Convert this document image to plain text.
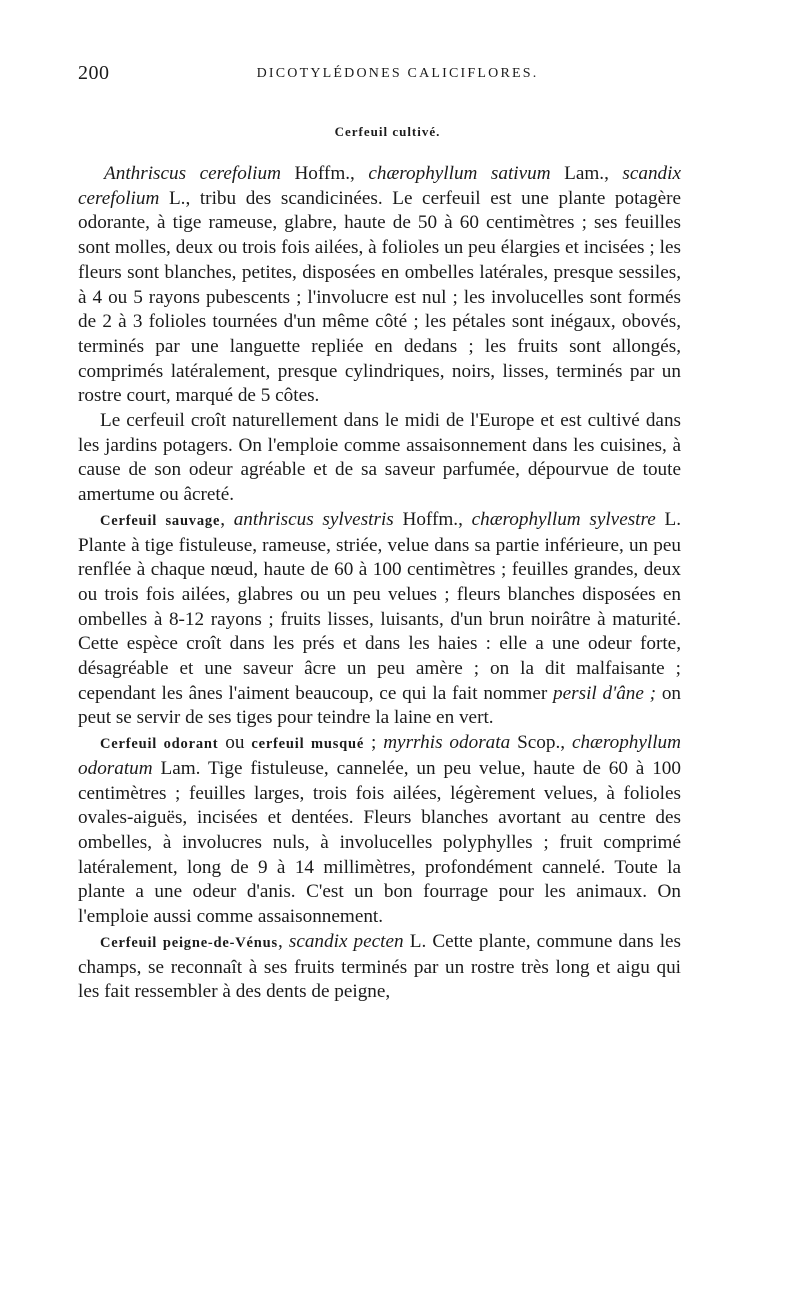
200	DICOTYLÉDONES CALICIFLORES.
Cerfeuil cultivé.

Anthriscus cerefolium Hoffm., chærophyllum sativum Lam., scandix cerefolium L., tribu des scandicinées. Le cerfeuil est une plante potagère odorante, à tige rameuse, glabre, haute de 50 à 60 centimètres ; ses feuilles sont molles, deux ou trois fois ailées, à folioles un peu élargies et incisées ; les fleurs sont blanches, petites, disposées en ombelles latérales, presque sessiles, à 4 ou 5 rayons pubescents ; l'involucre est nul ; les involucelles sont formés de 2 à 3 folioles tournées d'un même côté ; les pétales sont inégaux, obovés, terminés par une languette repliée en dedans ; les fruits sont allongés, comprimés latéralement, presque cylindriques, noirs, lisses, terminés par un rostre court, marqué de 5 côtes.

Le cerfeuil croît naturellement dans le midi de l'Europe et est cultivé dans les jardins potagers. On l'emploie comme assaisonnement dans les cuisines, à cause de son odeur agréable et de sa saveur parfumée, dépourvue de toute amertume ou âcreté.

Cerfeuil sauvage, anthriscus sylvestris Hoffm., chærophyllum sylvestre L. Plante à tige fistuleuse, rameuse, striée, velue dans sa partie inférieure, un peu renflée à chaque nœud, haute de 60 à 100 centimètres ; feuilles grandes, deux ou trois fois ailées, glabres ou un peu velues ; fleurs blanches disposées en ombelles à 8-12 rayons ; fruits lisses, luisants, d'un brun noirâtre à maturité. Cette espèce croît dans les prés et dans les haies : elle a une odeur forte, désagréable et une saveur âcre un peu amère ; on la dit malfaisante ; cependant les ânes l'aiment beaucoup, ce qui la fait nommer persil d'âne ; on peut se servir de ses tiges pour teindre la laine en vert.

Cerfeuil odorant ou cerfeuil musqué ; myrrhis odorata Scop., chærophyllum odoratum Lam. Tige fistuleuse, cannelée, un peu velue, haute de 60 à 100 centimètres ; feuilles larges, trois fois ailées, légèrement velues, à folioles ovales-aiguës, incisées et dentées. Fleurs blanches avortant au centre des ombelles, à involucres nuls, à involucelles polyphylles ; fruit comprimé latéralement, long de 9 à 14 millimètres, profondément cannelé. Toute la plante a une odeur d'anis. C'est un bon fourrage pour les animaux. On l'emploie aussi comme assaisonnement.

Cerfeuil peigne-de-Vénus, scandix pecten L. Cette plante, commune dans les champs, se reconnaît à ses fruits terminés par un rostre très long et aigu qui les fait ressembler à des dents de peigne,
